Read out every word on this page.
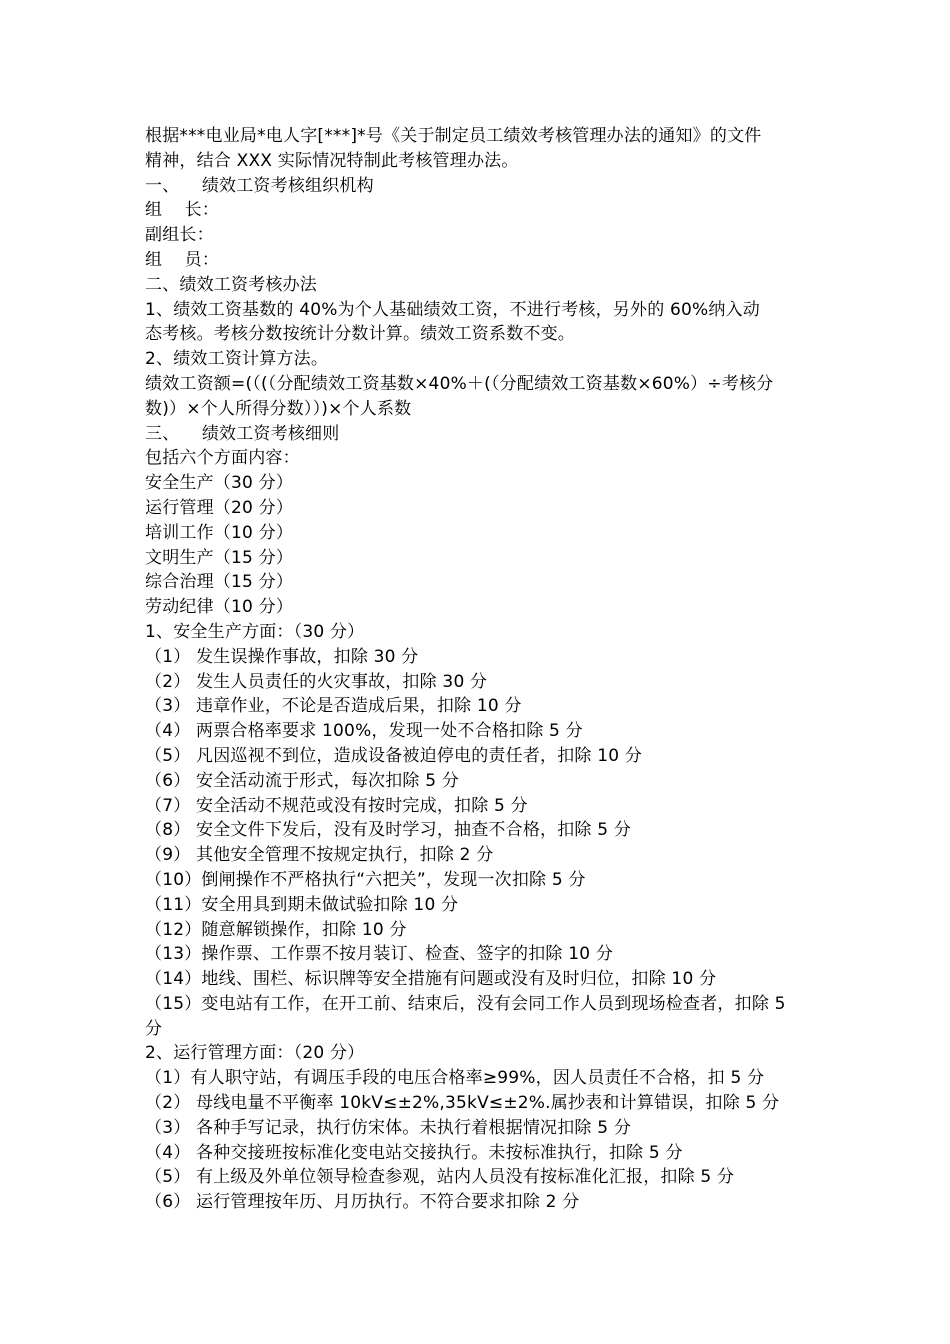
根据***电业局*电人字[***]*号《关于制定员工绩效考核管理办法的通知》的文件
精神，结合 XXX 实际情况特制此考核管理办法。
一、    绩效工资考核组织机构
组    长：
副组长：
组    员：
二、绩效工资考核办法
1、绩效工资基数的 40%为个人基础绩效工资，不进行考核，另外的 60%纳入动
态考核。考核分数按统计分数计算。绩效工资系数不变。
2、绩效工资计算方法。
绩效工资额=(（(（分配绩效工资基数×40%＋(（分配绩效工资基数×60%）÷考核分
数)）×个人所得分数））)×个人系数
三、    绩效工资考核细则
包括六个方面内容：
安全生产（30 分）
运行管理（20 分）
培训工作（10 分）
文明生产（15 分）
综合治理（15 分）
劳动纪律（10 分）
1、安全生产方面：（30 分）
（1） 发生误操作事故，扣除 30 分
（2） 发生人员责任的火灾事故，扣除 30 分
（3） 违章作业，不论是否造成后果，扣除 10 分
（4） 两票合格率要求 100%，发现一处不合格扣除 5 分
（5） 凡因巡视不到位，造成设备被迫停电的责任者，扣除 10 分
（6） 安全活动流于形式，每次扣除 5 分
（7） 安全活动不规范或没有按时完成，扣除 5 分
（8） 安全文件下发后，没有及时学习，抽查不合格，扣除 5 分
（9） 其他安全管理不按规定执行，扣除 2 分
（10）倒闸操作不严格执行“六把关”，发现一次扣除 5 分
（11）安全用具到期未做试验扣除 10 分
（12）随意解锁操作，扣除 10 分
（13）操作票、工作票不按月装订、检查、签字的扣除 10 分
（14）地线、围栏、标识牌等安全措施有问题或没有及时归位，扣除 10 分
（15）变电站有工作，在开工前、结束后，没有会同工作人员到现场检查者，扣除 5
分
2、运行管理方面：（20 分）
（1）有人职守站，有调压手段的电压合格率≥99%，因人员责任不合格，扣 5 分
（2） 母线电量不平衡率 10kV≤±2%,35kV≤±2%.属抄表和计算错误，扣除 5 分
（3） 各种手写记录，执行仿宋体。未执行着根据情况扣除 5 分
（4） 各种交接班按标准化变电站交接执行。未按标准执行，扣除 5 分
（5） 有上级及外单位领导检查参观，站内人员没有按标准化汇报，扣除 5 分
（6） 运行管理按年历、月历执行。不符合要求扣除 2 分
